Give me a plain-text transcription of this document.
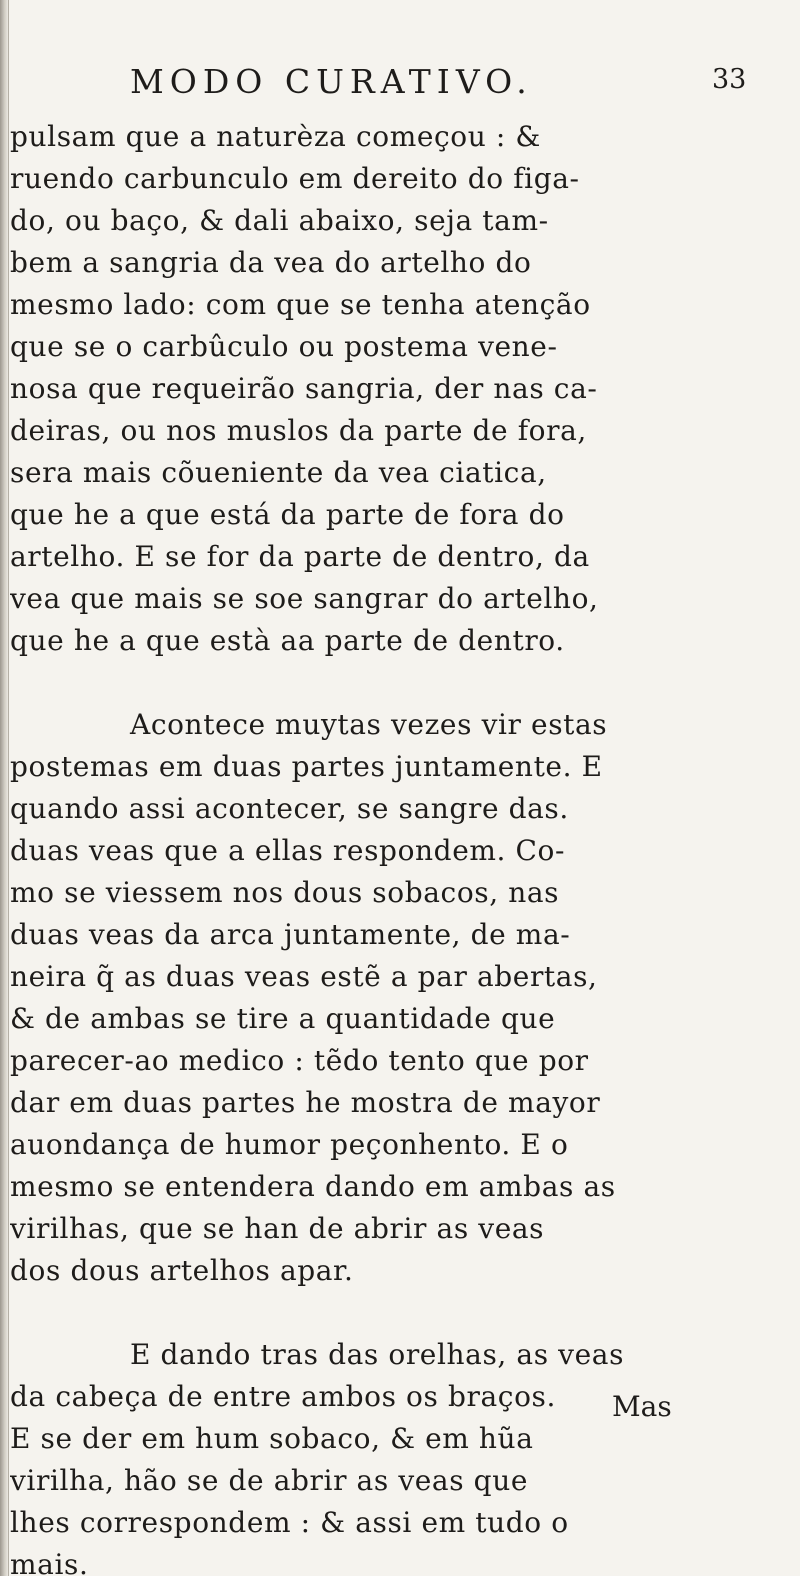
MODO CURATIVO.	33
pulsam que a naturèza começou : &
ruendo carbunculo em dereito do figa-
do, ou baço, & dali abaixo, seja tam-
bem a sangria da vea do artelho do
mesmo lado: com que se tenha atenção
que se o carbûculo ou postema vene-
nosa que requeirão sangria, der nas ca-
deiras, ou nos muslos da parte de fora,
sera mais cõueniente da vea ciatica,
que he a que está da parte de fora do
artelho. E se for da parte de dentro, da
vea que mais se soe sangrar do artelho,
que he a que està aa parte de dentro.
Acontece muytas vezes vir estas
postemas em duas partes juntamente. E
quando assi acontecer, se sangre das.
duas veas que a ellas respondem. Co-
mo se viessem nos dous sobacos, nas
duas veas da arca juntamente, de ma-
neira q̃ as duas veas estẽ a par abertas,
& de ambas se tire a quantidade que
parecer-ao medico : tẽdo tento que por
dar em duas partes he mostra de mayor
auondança de humor peçonhento. E o
mesmo se entendera dando em ambas as
virilhas, que se han de abrir as veas
dos dous artelhos apar.
E dando tras das orelhas, as veas
da cabeça de entre ambos os braços.
E se der em hum sobaco, & em hũa
virilha, hão se de abrir as veas que
lhes correspondem : & assi em tudo o
mais.
Mas
